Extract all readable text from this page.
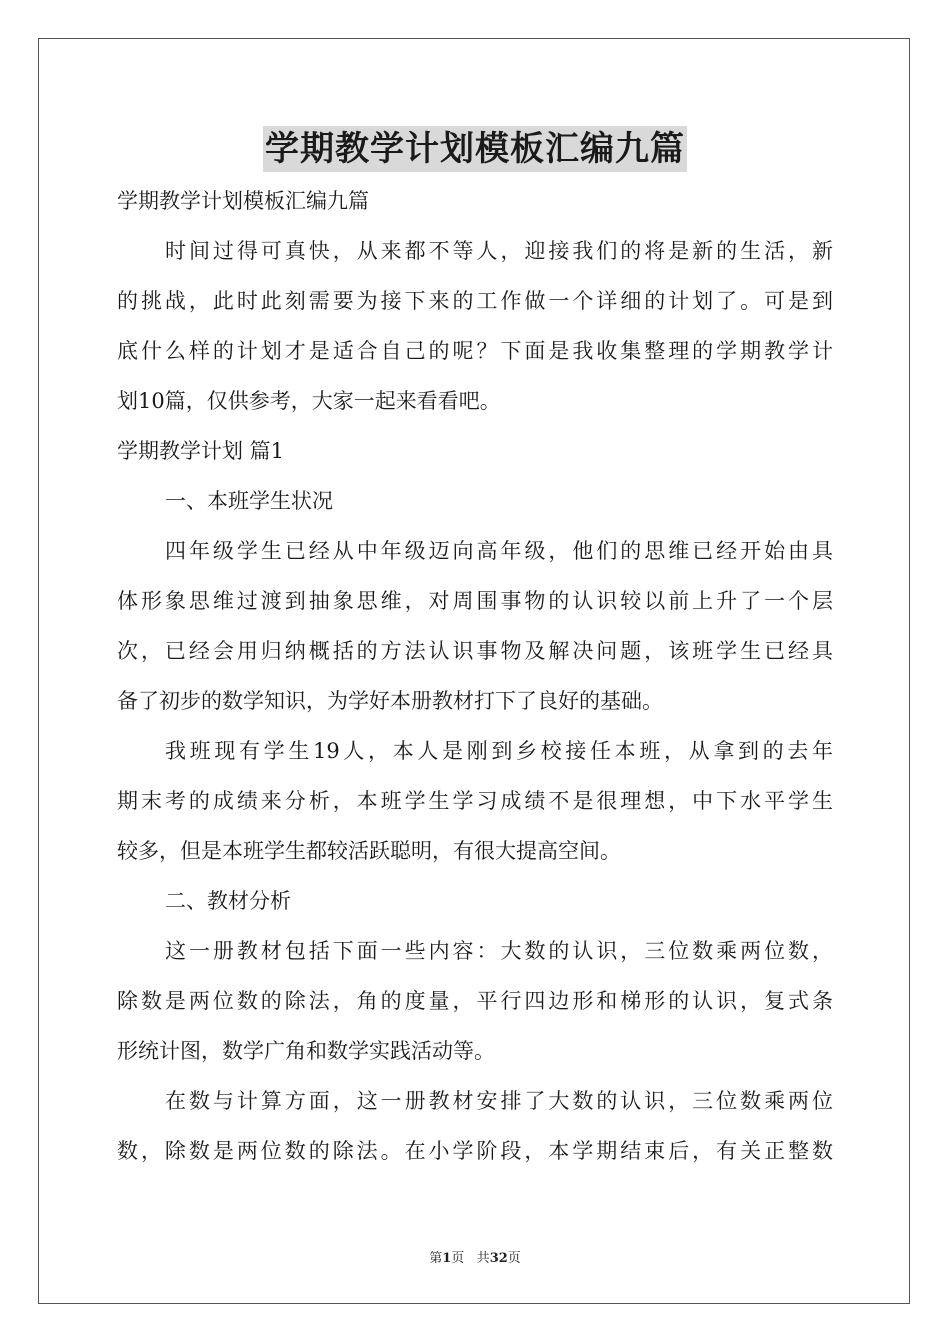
学期教学计划模板汇编九篇
学期教学计划模板汇编九篇
时间过得可真快，从来都不等人，迎接我们的将是新的生活，新
的挑战，此时此刻需要为接下来的工作做一个详细的计划了。可是到
底什么样的计划才是适合自己的呢？下面是我收集整理的学期教学计
划10篇，仅供参考，大家一起来看看吧。
学期教学计划 篇1
一、本班学生状况
四年级学生已经从中年级迈向高年级，他们的思维已经开始由具
体形象思维过渡到抽象思维，对周围事物的认识较以前上升了一个层
次，已经会用归纳概括的方法认识事物及解决问题，该班学生已经具
备了初步的数学知识，为学好本册教材打下了良好的基础。
我班现有学生19人，本人是刚到乡校接任本班，从拿到的去年
期末考的成绩来分析，本班学生学习成绩不是很理想，中下水平学生
较多，但是本班学生都较活跃聪明，有很大提高空间。
二、教材分析
这一册教材包括下面一些内容：大数的认识，三位数乘两位数，
除数是两位数的除法，角的度量，平行四边形和梯形的认识，复式条
形统计图，数学广角和数学实践活动等。
在数与计算方面，这一册教材安排了大数的认识，三位数乘两位
数，除数是两位数的除法。在小学阶段，本学期结束后，有关正整数
第1页 共32页
